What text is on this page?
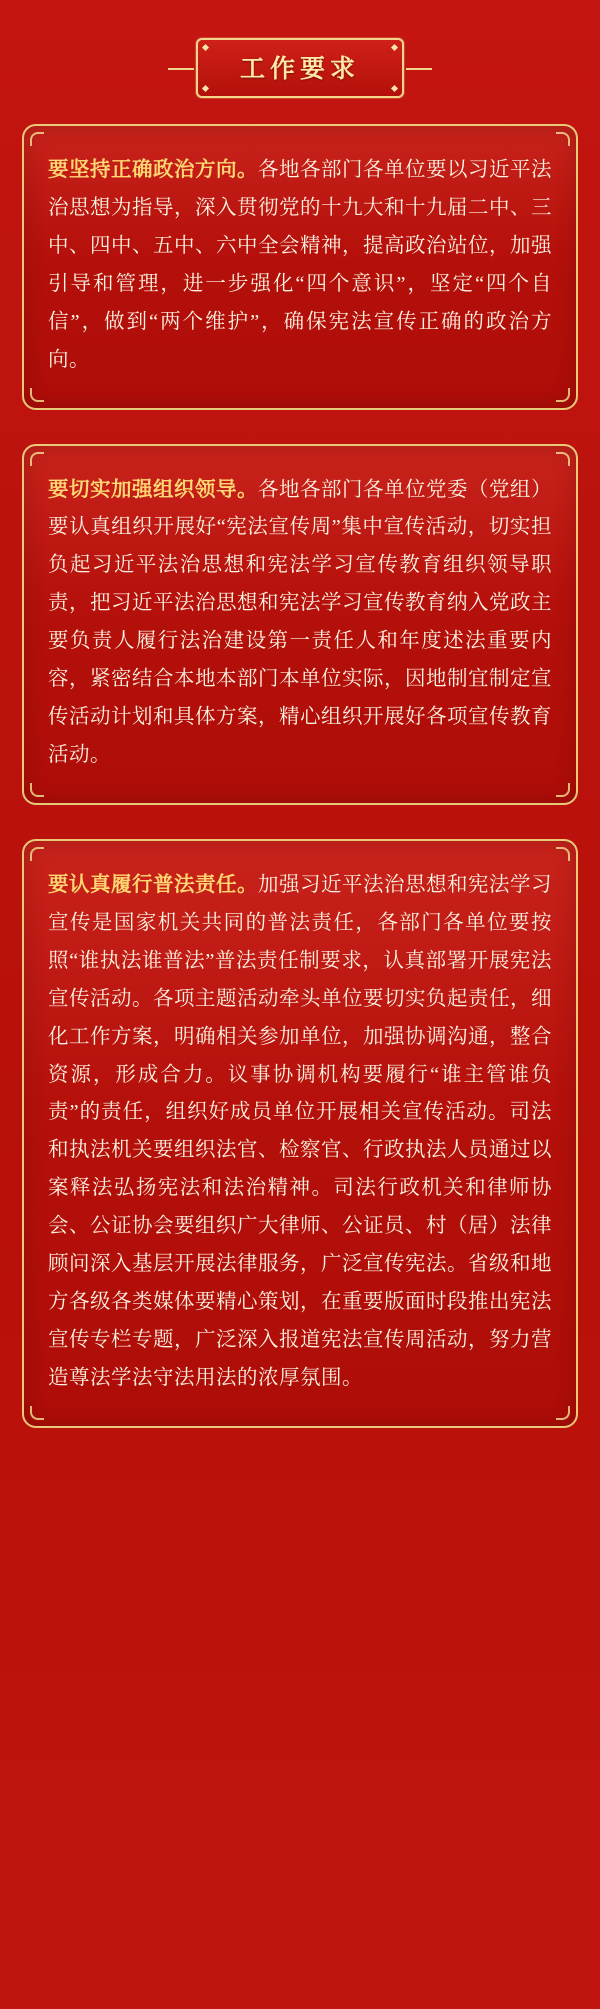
工作要求

要坚持正确政治方向。各地各部门各单位要以习近平法治思想为指导，深入贯彻党的十九大和十九届二中、三中、四中、五中、六中全会精神，提高政治站位，加强引导和管理，进一步强化“四个意识”，坚定“四个自信”，做到“两个维护”，确保宪法宣传正确的政治方向。

要切实加强组织领导。各地各部门各单位党委（党组）要认真组织开展好“宪法宣传周”集中宣传活动，切实担负起习近平法治思想和宪法学习宣传教育组织领导职责，把习近平法治思想和宪法学习宣传教育纳入党政主要负责人履行法治建设第一责任人和年度述法重要内容，紧密结合本地本部门本单位实际，因地制宜制定宣传活动计划和具体方案，精心组织开展好各项宣传教育活动。

要认真履行普法责任。加强习近平法治思想和宪法学习宣传是国家机关共同的普法责任，各部门各单位要按照“谁执法谁普法”普法责任制要求，认真部署开展宪法宣传活动。各项主题活动牵头单位要切实负起责任，细化工作方案，明确相关参加单位，加强协调沟通，整合资源，形成合力。议事协调机构要履行“谁主管谁负责”的责任，组织好成员单位开展相关宣传活动。司法和执法机关要组织法官、检察官、行政执法人员通过以案释法弘扬宪法和法治精神。司法行政机关和律师协会、公证协会要组织广大律师、公证员、村（居）法律顾问深入基层开展法律服务，广泛宣传宪法。省级和地方各级各类媒体要精心策划，在重要版面时段推出宪法宣传专栏专题，广泛深入报道宪法宣传周活动，努力营造尊法学法守法用法的浓厚氛围。
